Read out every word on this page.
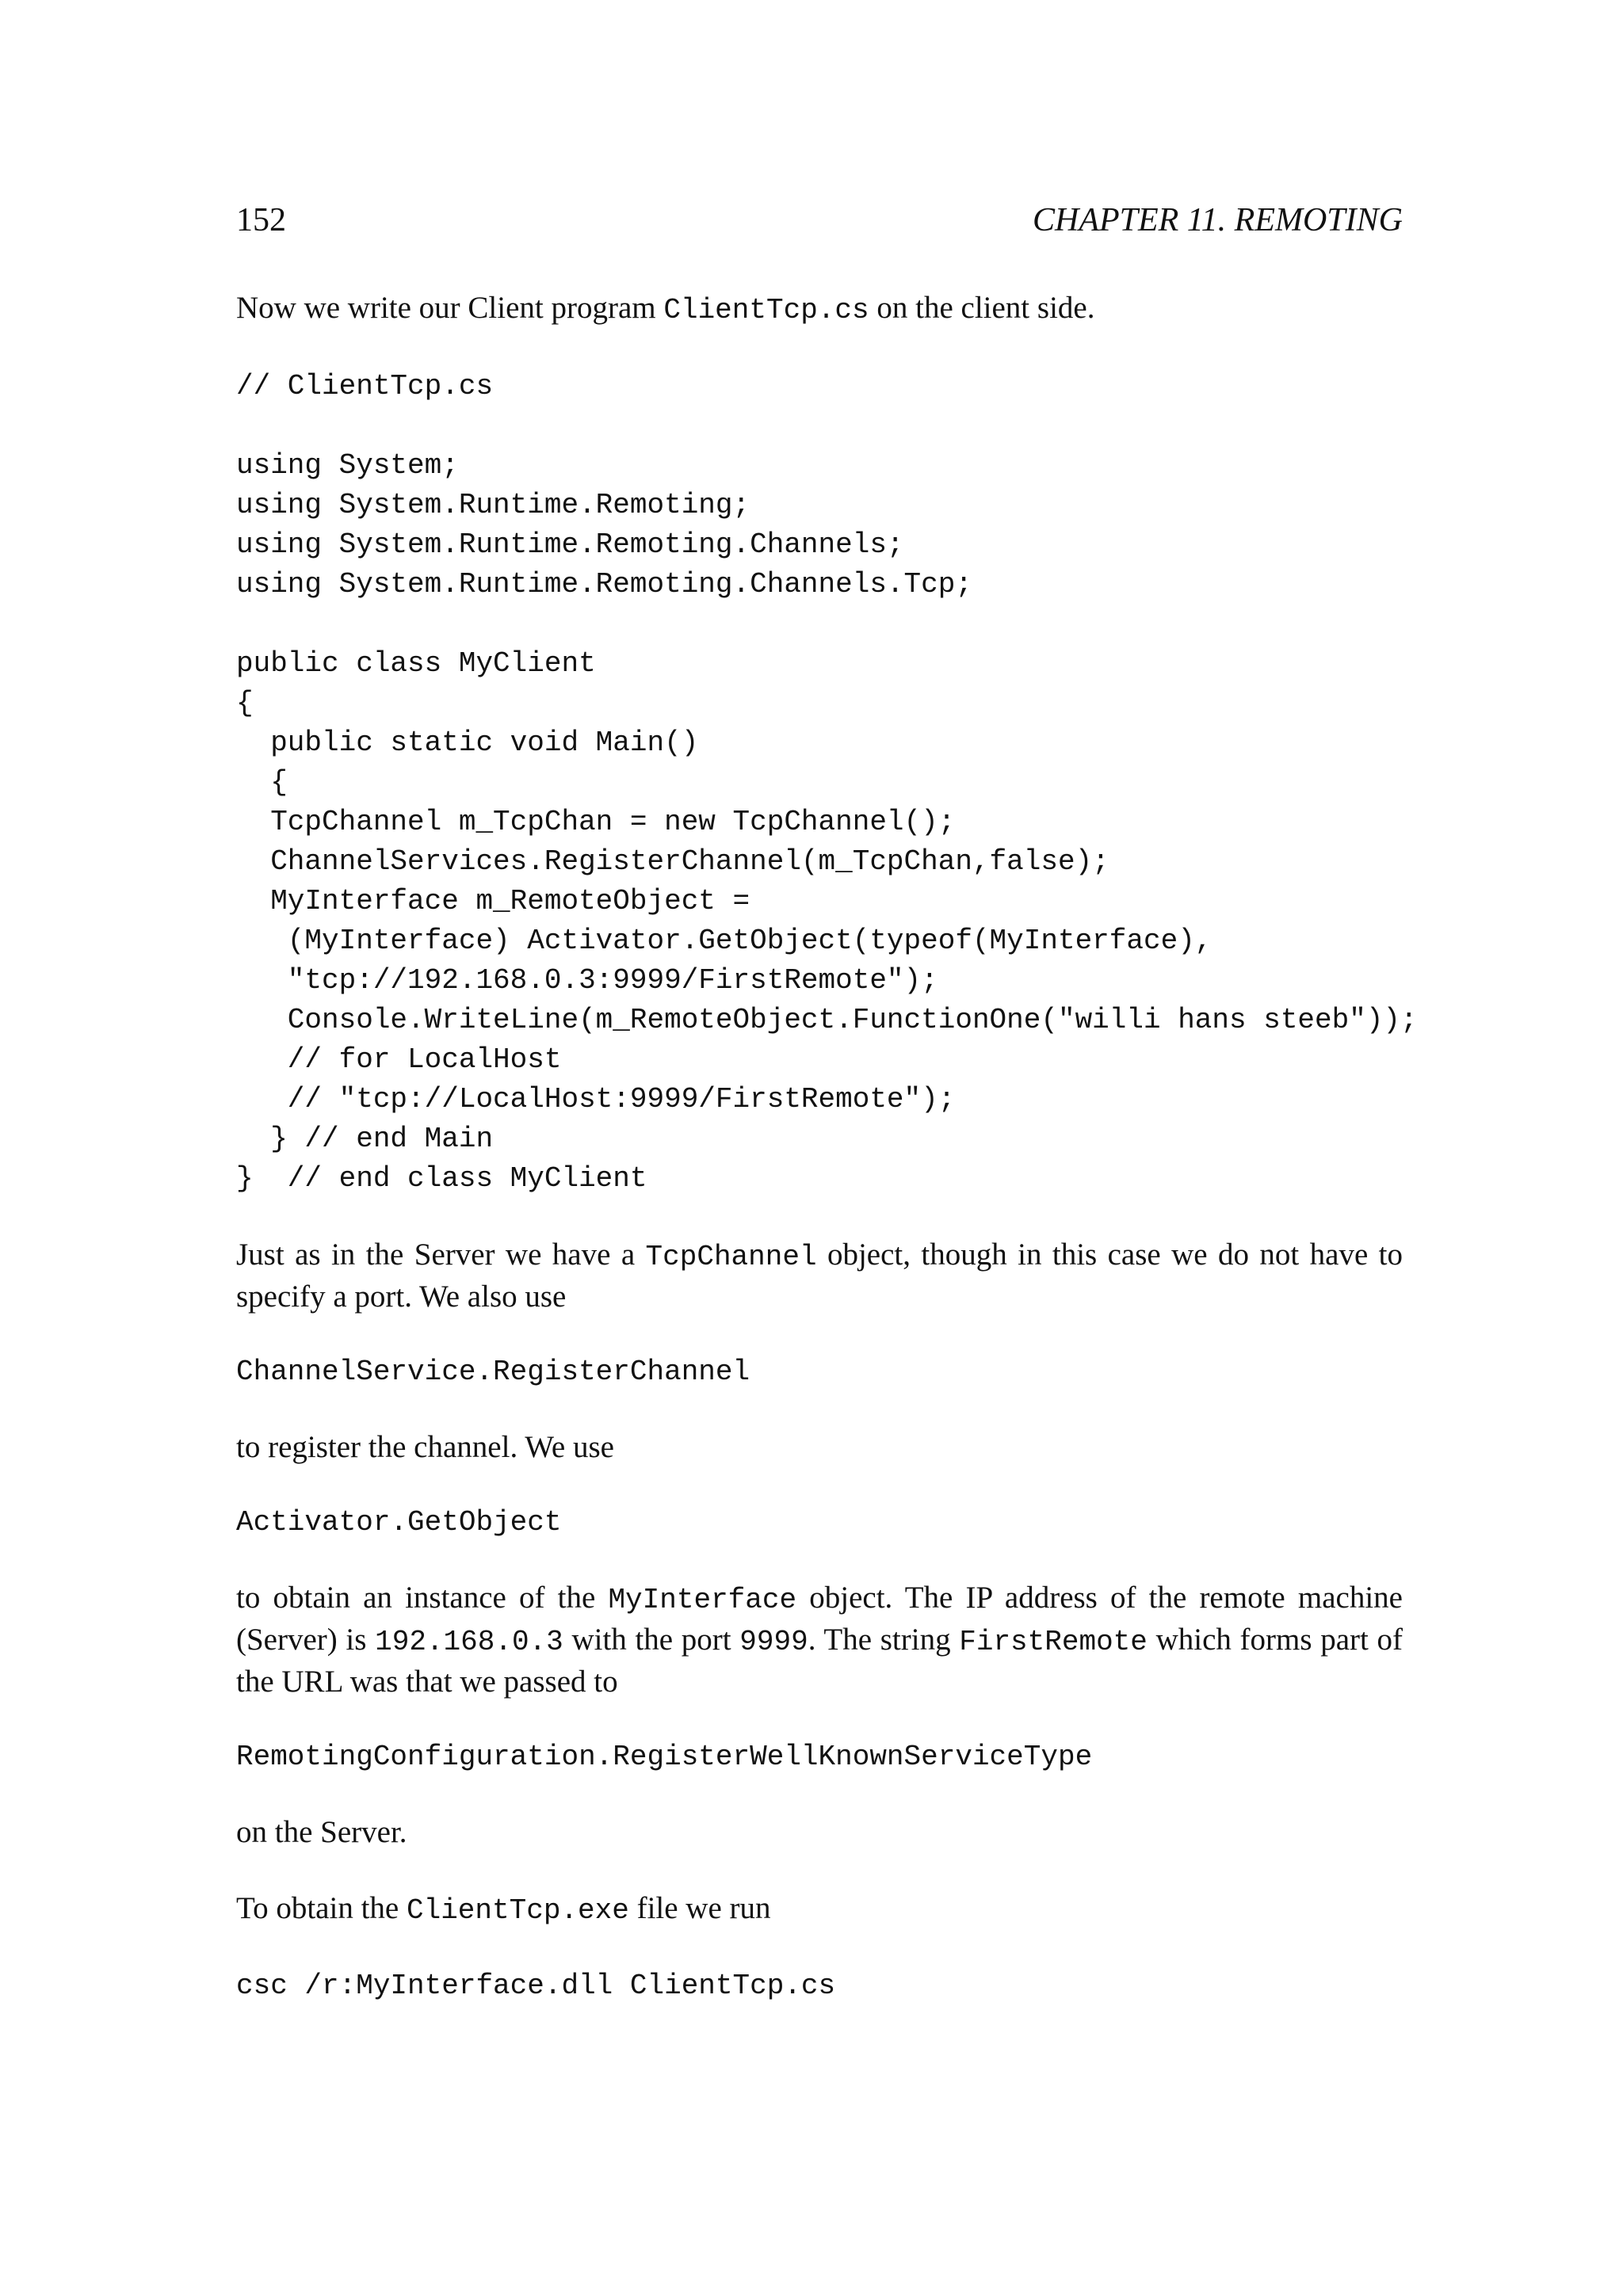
152	CHAPTER 11. REMOTING

Now we write our Client program ClientTcp.cs on the client side.

// ClientTcp.cs

using System;
using System.Runtime.Remoting;
using System.Runtime.Remoting.Channels;
using System.Runtime.Remoting.Channels.Tcp;

public class MyClient
{
public static void Main()
{
TcpChannel m_TcpChan = new TcpChannel();
ChannelServices.RegisterChannel(m_TcpChan,false);
MyInterface m_RemoteObject =
(MyInterface) Activator.GetObject(typeof(MyInterface),
"tcp://192.168.0.3:9999/FirstRemote");
Console.WriteLine(m_RemoteObject.FunctionOne("willi hans steeb"));
// for LocalHost
// "tcp://LocalHost:9999/FirstRemote");
} // end Main
}  // end class MyClient

Just as in the Server we have a TcpChannel object, though in this case we do not have to specify a port. We also use

ChannelService.RegisterChannel

to register the channel. We use

Activator.GetObject

to obtain an instance of the MyInterface object. The IP address of the remote machine (Server) is 192.168.0.3 with the port 9999. The string FirstRemote which forms part of the URL was that we passed to

RemotingConfiguration.RegisterWellKnownServiceType

on the Server.

To obtain the ClientTcp.exe file we run

csc /r:MyInterface.dll ClientTcp.cs
